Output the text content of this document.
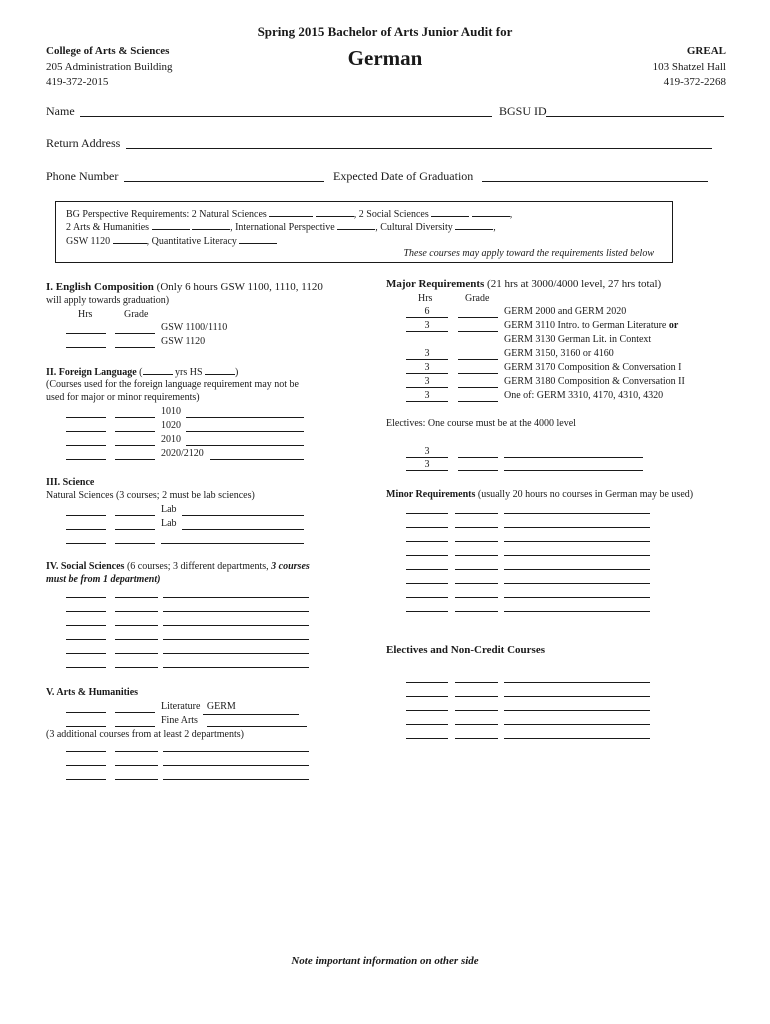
Spring 2015 Bachelor of Arts Junior Audit for
German
College of Arts & Sciences
205 Administration Building
419-372-2015
GREAL
103 Shatzel Hall
419-372-2268
Name	BGSU ID
Return Address
Phone Number	Expected Date of Graduation
BG Perspective Requirements: 2 Natural Sciences	, 2 Social Sciences	,
2 Arts & Humanities	, International Perspective	, Cultural Diversity	,
GSW 1120	, Quantitative Literacy
These courses may apply toward the requirements listed below
I. English Composition (Only 6 hours GSW 1100, 1110, 1120
will apply towards graduation)
Hrs	Grade
GSW 1100/1110
GSW 1120
II. Foreign Language (	yrs HS	)
(Courses used for the foreign language requirement may not be
used for major or minor requirements)
1010
1020
2010
2020/2120
III. Science
Natural Sciences (3 courses; 2 must be lab sciences)
Lab
Lab
IV. Social Sciences (6 courses; 3 different departments, 3 courses
must be from 1 department)
V. Arts & Humanities
Literature GERM
Fine Arts
(3 additional courses from at least 2 departments)
Major Requirements (21 hrs at 3000/4000 level, 27 hrs total)
Hrs	Grade
6	GERM 2000 and GERM 2020
3	GERM 3110 Intro. to German Literature or
GERM 3130 German Lit. in Context
3	GERM 3150, 3160 or 4160
3	GERM 3170 Composition & Conversation I
3	GERM 3180 Composition & Conversation II
3	One of: GERM 3310, 4170, 4310, 4320
Electives: One course must be at the 4000 level
3
3
Minor Requirements (usually 20 hours no courses in German may be used)
Electives and Non-Credit Courses
Note important information on other side
